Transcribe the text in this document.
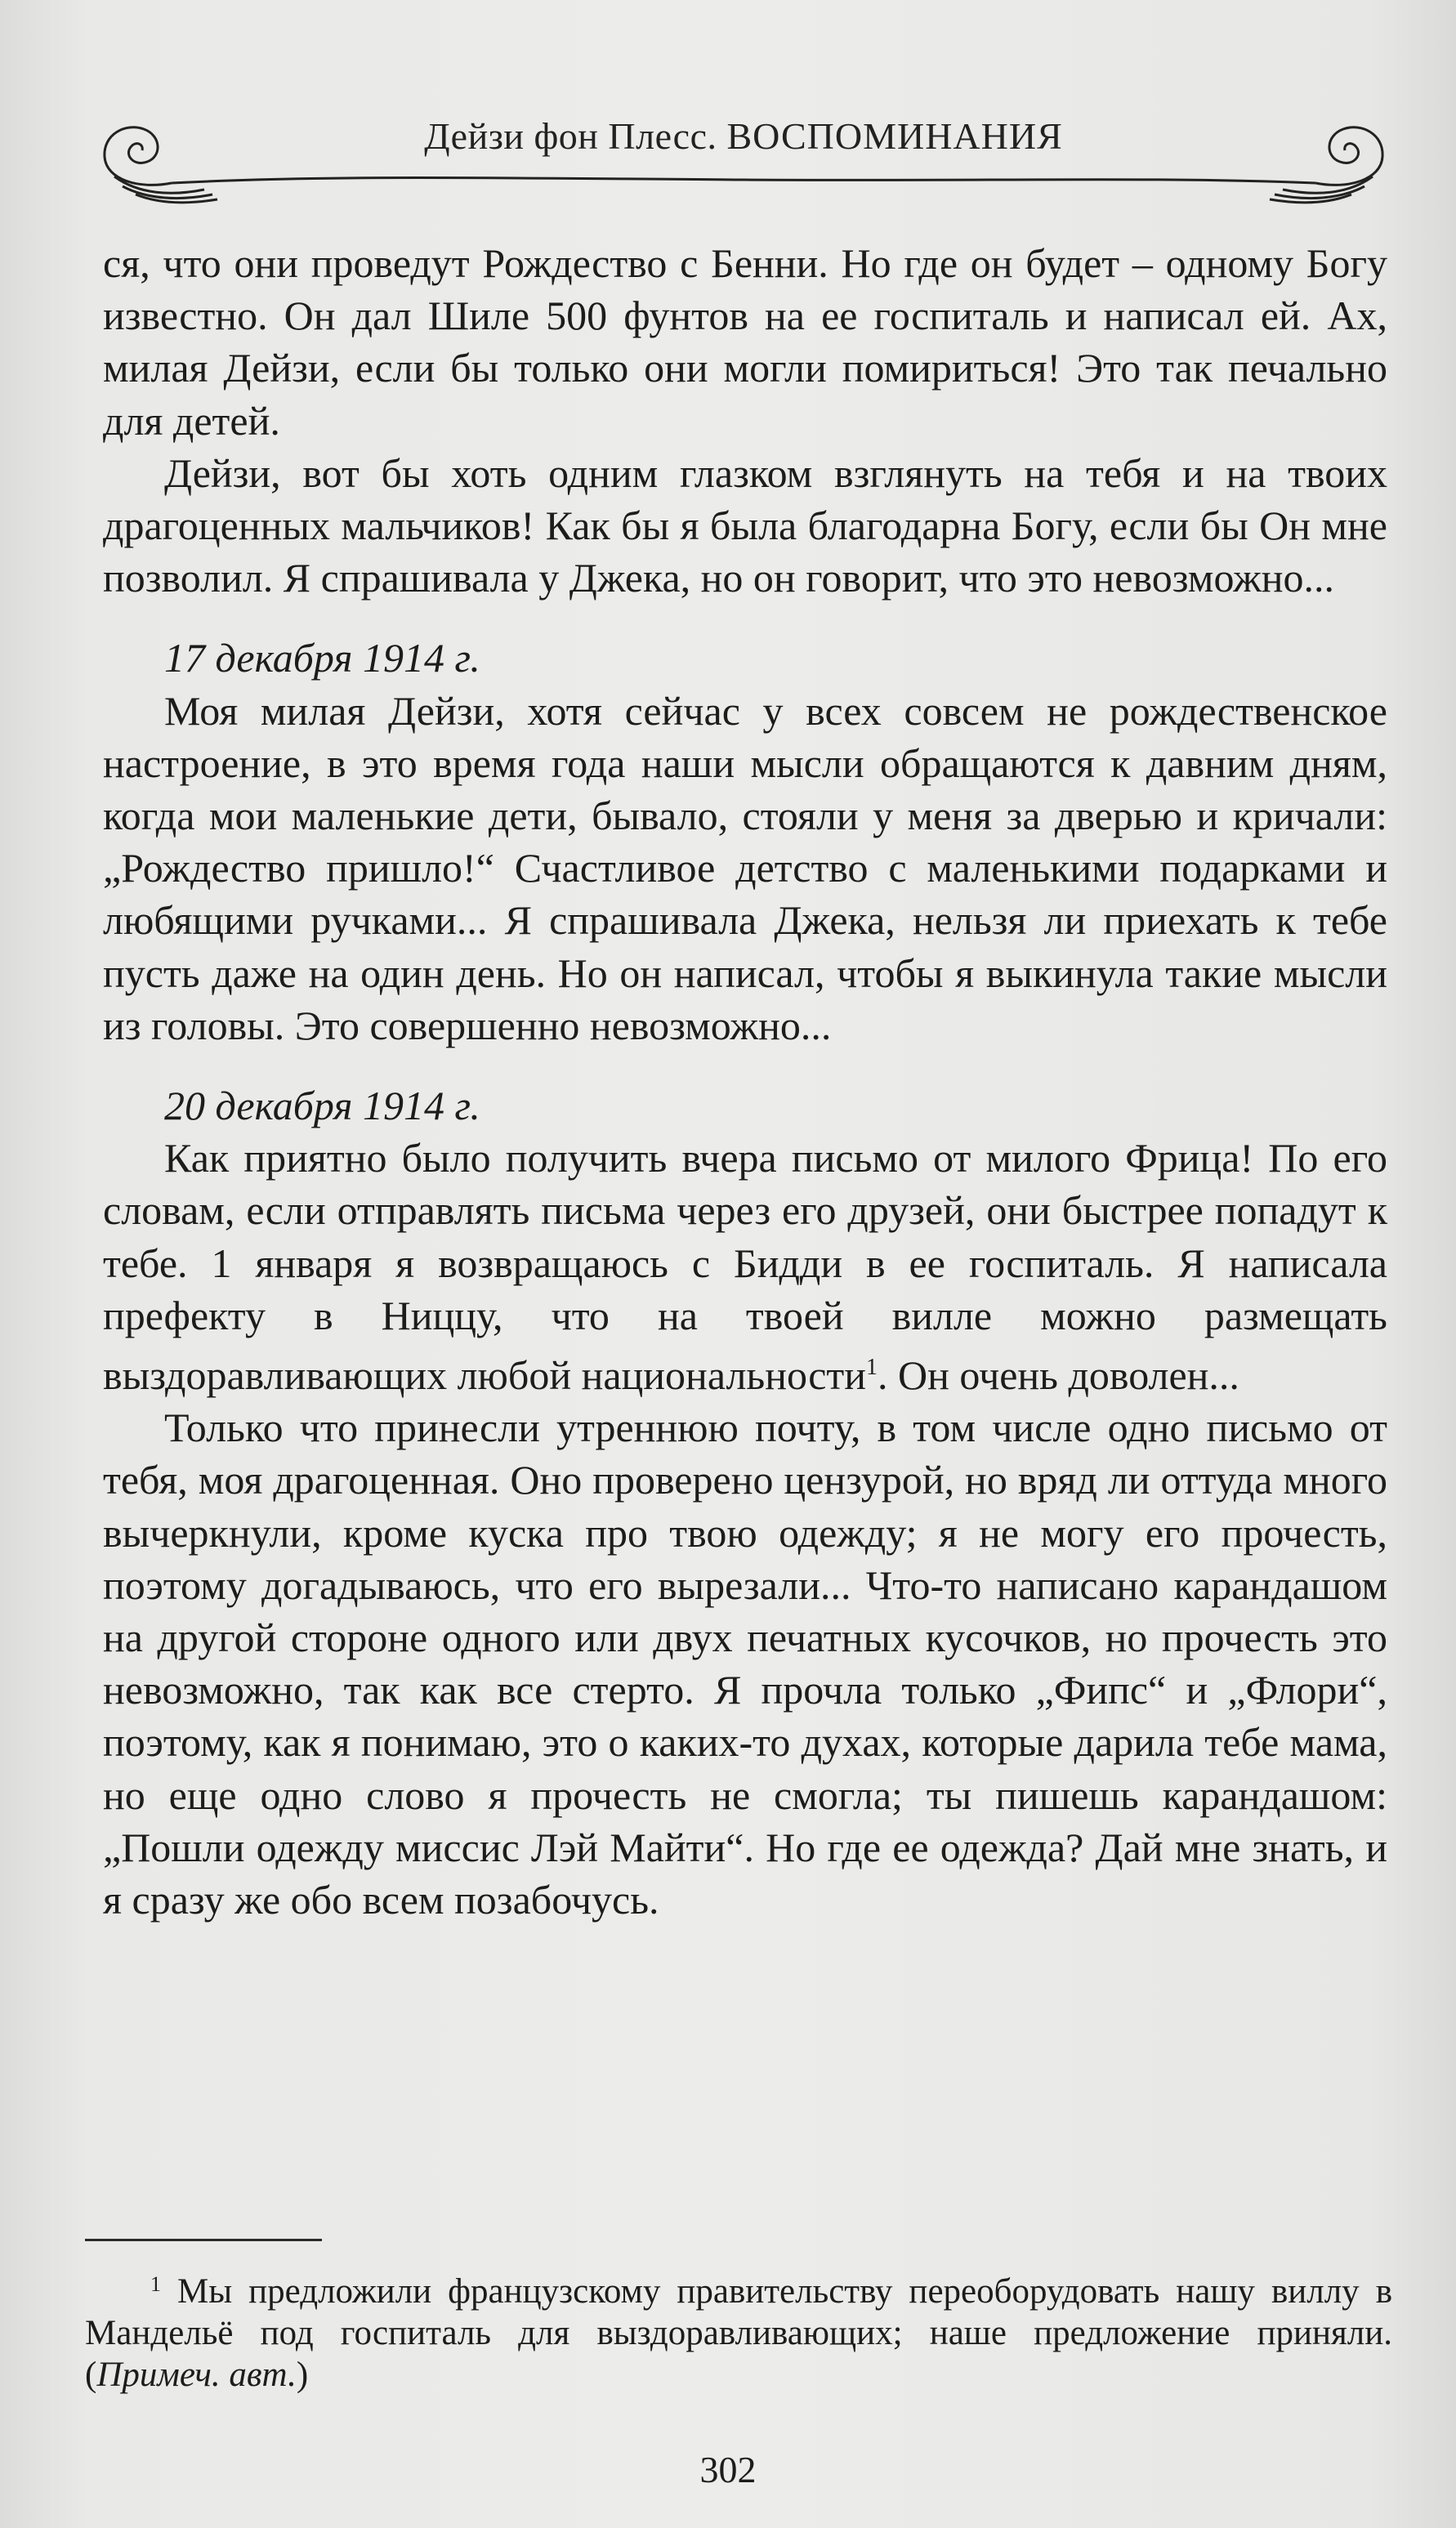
Дейзи фон Плесс. ВОСПОМИНАНИЯ

ся, что они проведут Рождество с Бенни. Но где он будет – одному Богу известно. Он дал Шиле 500 фунтов на ее госпиталь и написал ей. Ах, милая Дейзи, если бы только они могли помириться! Это так печально для детей.

Дейзи, вот бы хоть одним глазком взглянуть на тебя и на твоих драгоценных мальчиков! Как бы я была благодарна Богу, если бы Он мне позволил. Я спрашивала у Джека, но он говорит, что это невозможно...

17 декабря 1914 г.

Моя милая Дейзи, хотя сейчас у всех совсем не рождественское настроение, в это время года наши мысли обращаются к давним дням, когда мои маленькие дети, бывало, стояли у меня за дверью и кричали: „Рождество пришло!“ Счастливое детство с маленькими подарками и любящими ручками... Я спрашивала Джека, нельзя ли приехать к тебе пусть даже на один день. Но он написал, чтобы я выкинула такие мысли из головы. Это совершенно невозможно...

20 декабря 1914 г.

Как приятно было получить вчера письмо от милого Фрица! По его словам, если отправлять письма через его друзей, они быстрее попадут к тебе. 1 января я возвращаюсь с Бидди в ее госпиталь. Я написала префекту в Ниццу, что на твоей вилле можно размещать выздоравливающих любой национальности$^1$. Он очень доволен...

Только что принесли утреннюю почту, в том числе одно письмо от тебя, моя драгоценная. Оно проверено цензурой, но вряд ли оттуда много вычеркнули, кроме куска про твою одежду; я не могу его прочесть, поэтому догадываюсь, что его вырезали... Что-то написано карандашом на другой стороне одного или двух печатных кусочков, но прочесть это невозможно, так как все стерто. Я прочла только „Фипс“ и „Флори“, поэтому, как я понимаю, это о каких-то духах, которые дарила тебе мама, но еще одно слово я прочесть не смогла; ты пишешь карандашом: „Пошли одежду миссис Лэй Майти“. Но где ее одежда? Дай мне знать, и я сразу же обо всем позабочусь.

$^1$ Мы предложили французскому правительству переоборудовать нашу виллу в Мандельё под госпиталь для выздоравливающих; наше предложение приняли. (Примеч. авт.)
302
